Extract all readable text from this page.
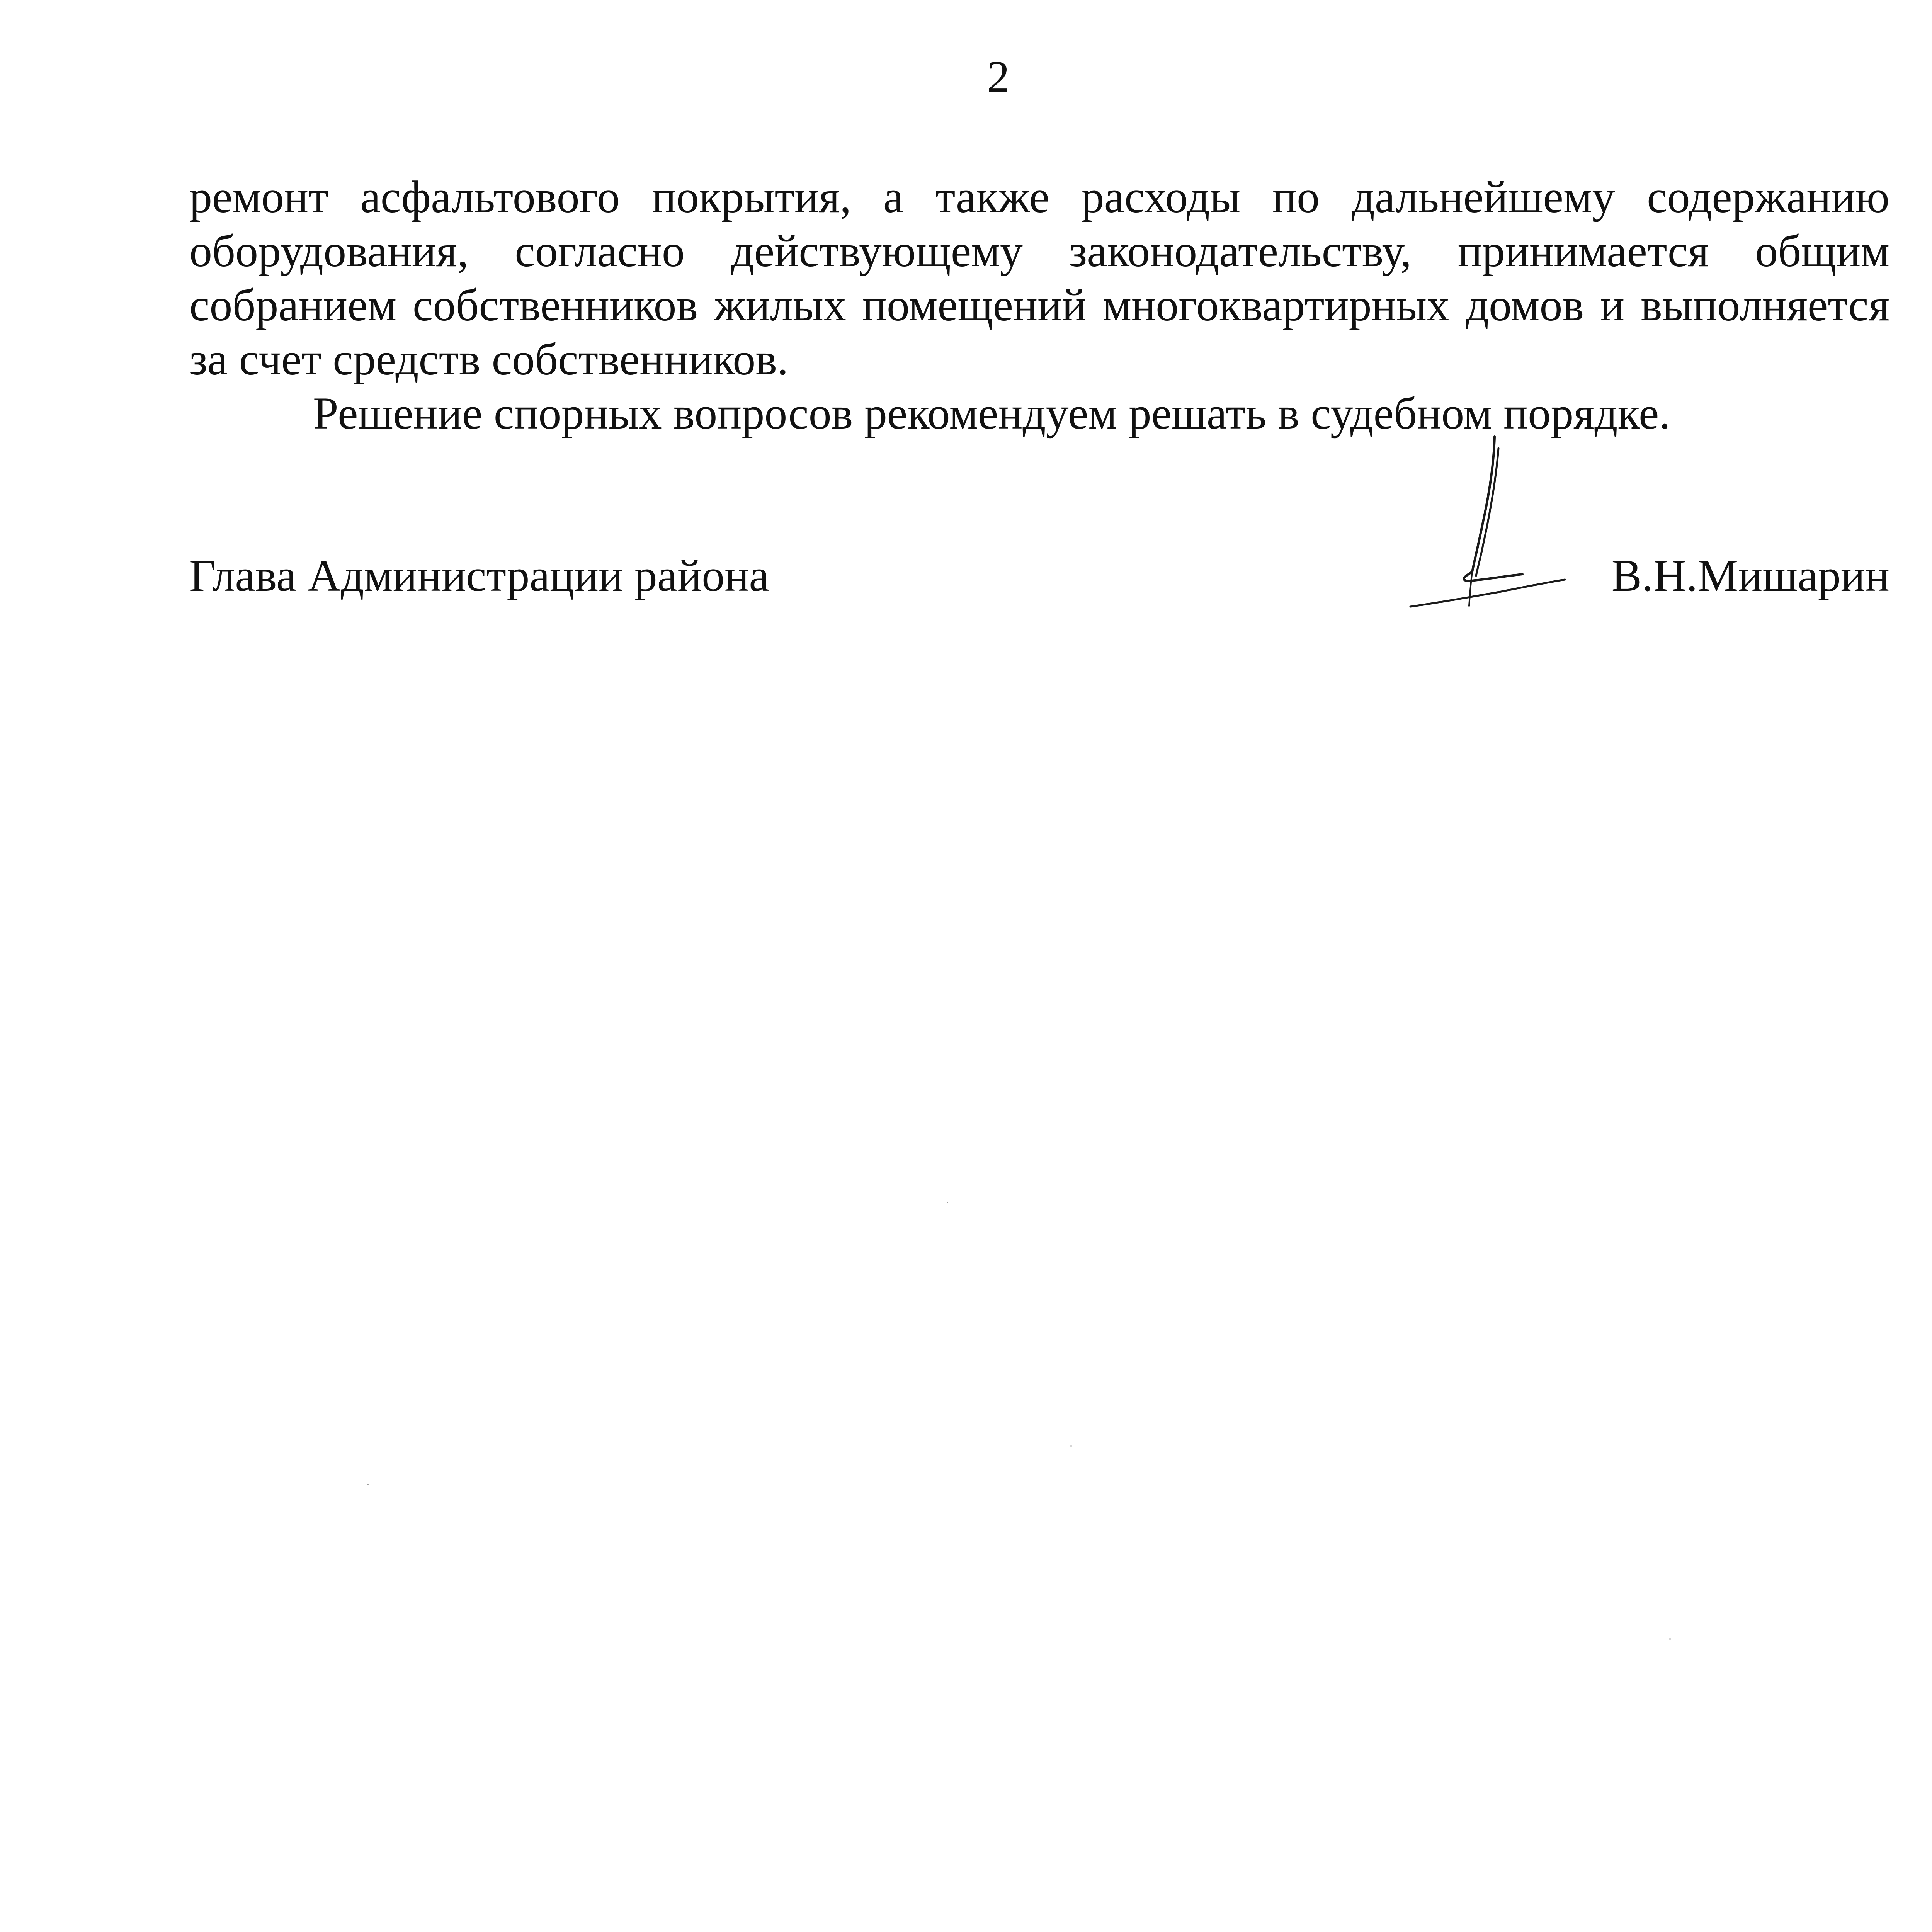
2

ремонт асфальтового покрытия, а также расходы по дальнейшему содержанию оборудования, согласно действующему законодательству, принимается общим собранием собственников жилых помещений многоквартирных домов и выполняется за счет средств собственников.

Решение спорных вопросов рекомендуем решать в судебном порядке.

Глава Администрации района	В.Н.Мишарин
